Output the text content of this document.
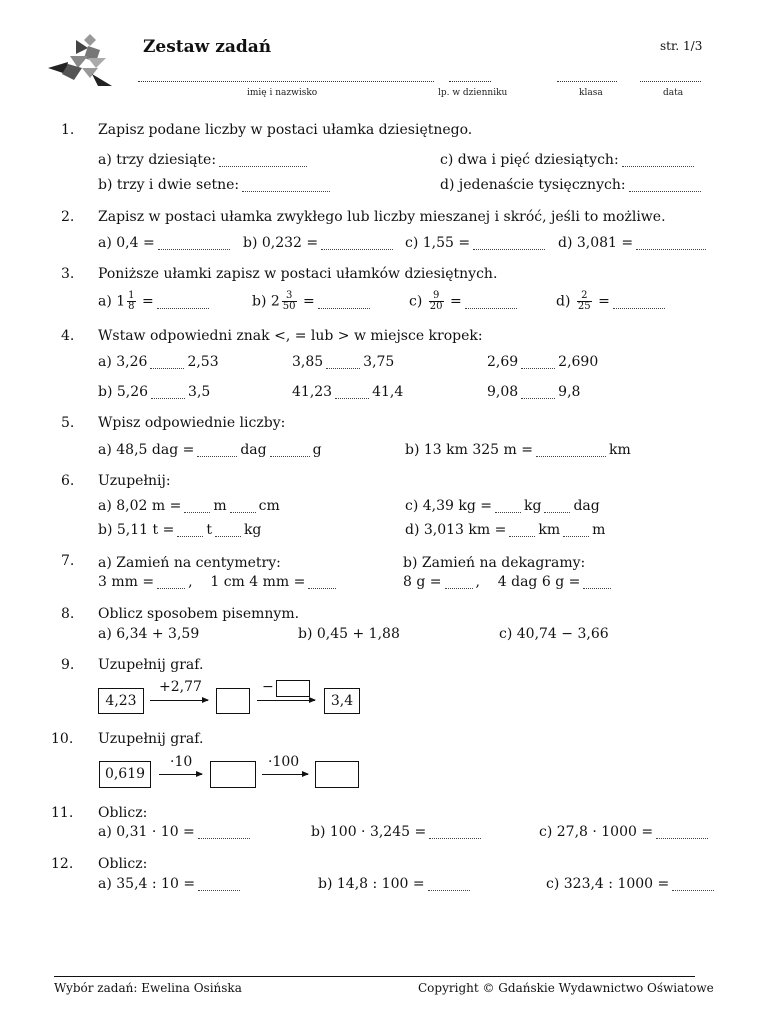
Zestaw zadań	str. 1/3
imię i nazwisko	lp. w dzienniku	klasa	data
1. Zapisz podane liczby w postaci ułamka dziesiętnego.
a) trzy dziesiąte:
b) trzy i dwie setne:
c) dwa i pięć dziesiątych:
d) jedenaście tysięcznych:
2. Zapisz w postaci ułamka zwykłego lub liczby mieszanej i skróć, jeśli to możliwe.
a) 0,4 =	b) 0,232 =	c) 1,55 =	d) 3,081 =
3. Poniższe ułamki zapisz w postaci ułamków dziesiętnych.
a) $1 \frac{1}{8}$ =	b) $2 \frac{3}{50}$ =	$c) \frac{9}{20}$ =	$d) \frac{2}{25}$ =
4. Wstaw odpowiedni znak <, = lub > w miejsce kropek:
a) 3,26	2,53	3,85	3,75	2,69	2,690
b) 5,26	3,5	41,23	41,4	9,08	9,8
5. Wpisz odpowiednie liczby:
a) 48,5 dag =	dag	g	b) 13 km 325 m =	km
6. Uzupełnij:
a) 8,02 m = m cm
b) 5,11 t = t kg
c) 4,39 kg = kg dag
d) 3,013 km = km m
7. a) Zamień na centymetry:
3 mm = , 1 cm 4 mm =
b) Zamień na dekagramy:
8 g = , 4 dag 6 g =
8. Oblicz sposobem pisemnym.
a) 6,34 + 3,59	b) 0,45 + 1,88	c) 40,74 − 3,66
9. Uzupełnij graf.
4,23
+2,77	−
3,4
10. Uzupełnij graf.
0,619
·10	·100
11. Oblicz:
a) 0,31 · 10 =	b) 100 · 3,245 =	c) 27,8 · 1000 =
12. Oblicz:
a) 35,4 : 10 =	b) 14,8 : 100 =	c) 323,4 : 1000 =
Wybór zadań: Ewelina Osińska	Copyright © Gdańskie Wydawnictwo Oświatowe
